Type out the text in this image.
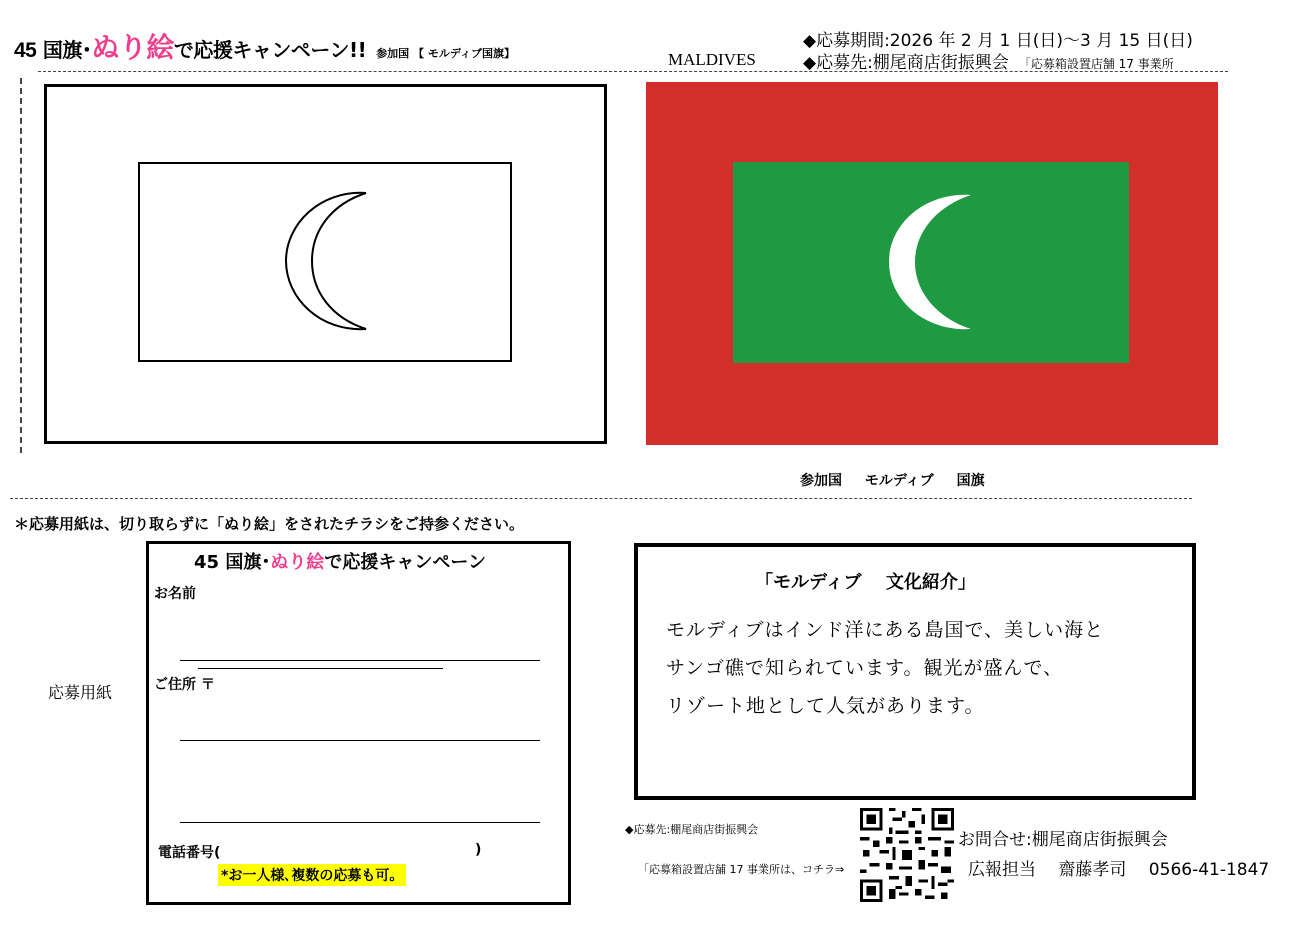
45 国旗･ぬり絵で応援キャンペーン!! 参加国 【 モルディブ国旗】	MALDIVES
◆応募期間:2026 年 2 月 1 日(日)～3 月 15 日(日)
◆応募先:棚尾商店街振興会 「応募箱設置店舗 17 事業所
参加国 モルディブ 国旗
＊応募用紙は、切り取らずに「ぬり絵」をされたチラシをご持参ください。
応募用紙
45 国旗･ぬり絵で応援キャンペーン
お名前
ご住所 〒
電話番号(	)
*お一人様､複数の応募も可。
「モルディブ　 文化紹介」
モルディブはインド洋にある島国で、美しい海と
サンゴ礁で知られています。観光が盛んで、
リゾート地として人気があります。
◆応募先:棚尾商店街振興会
「応募箱設置店舗 17 事業所は、コチラ⇒
お問合せ:棚尾商店街振興会
広報担当　 齋藤孝司　 0566-41-1847
